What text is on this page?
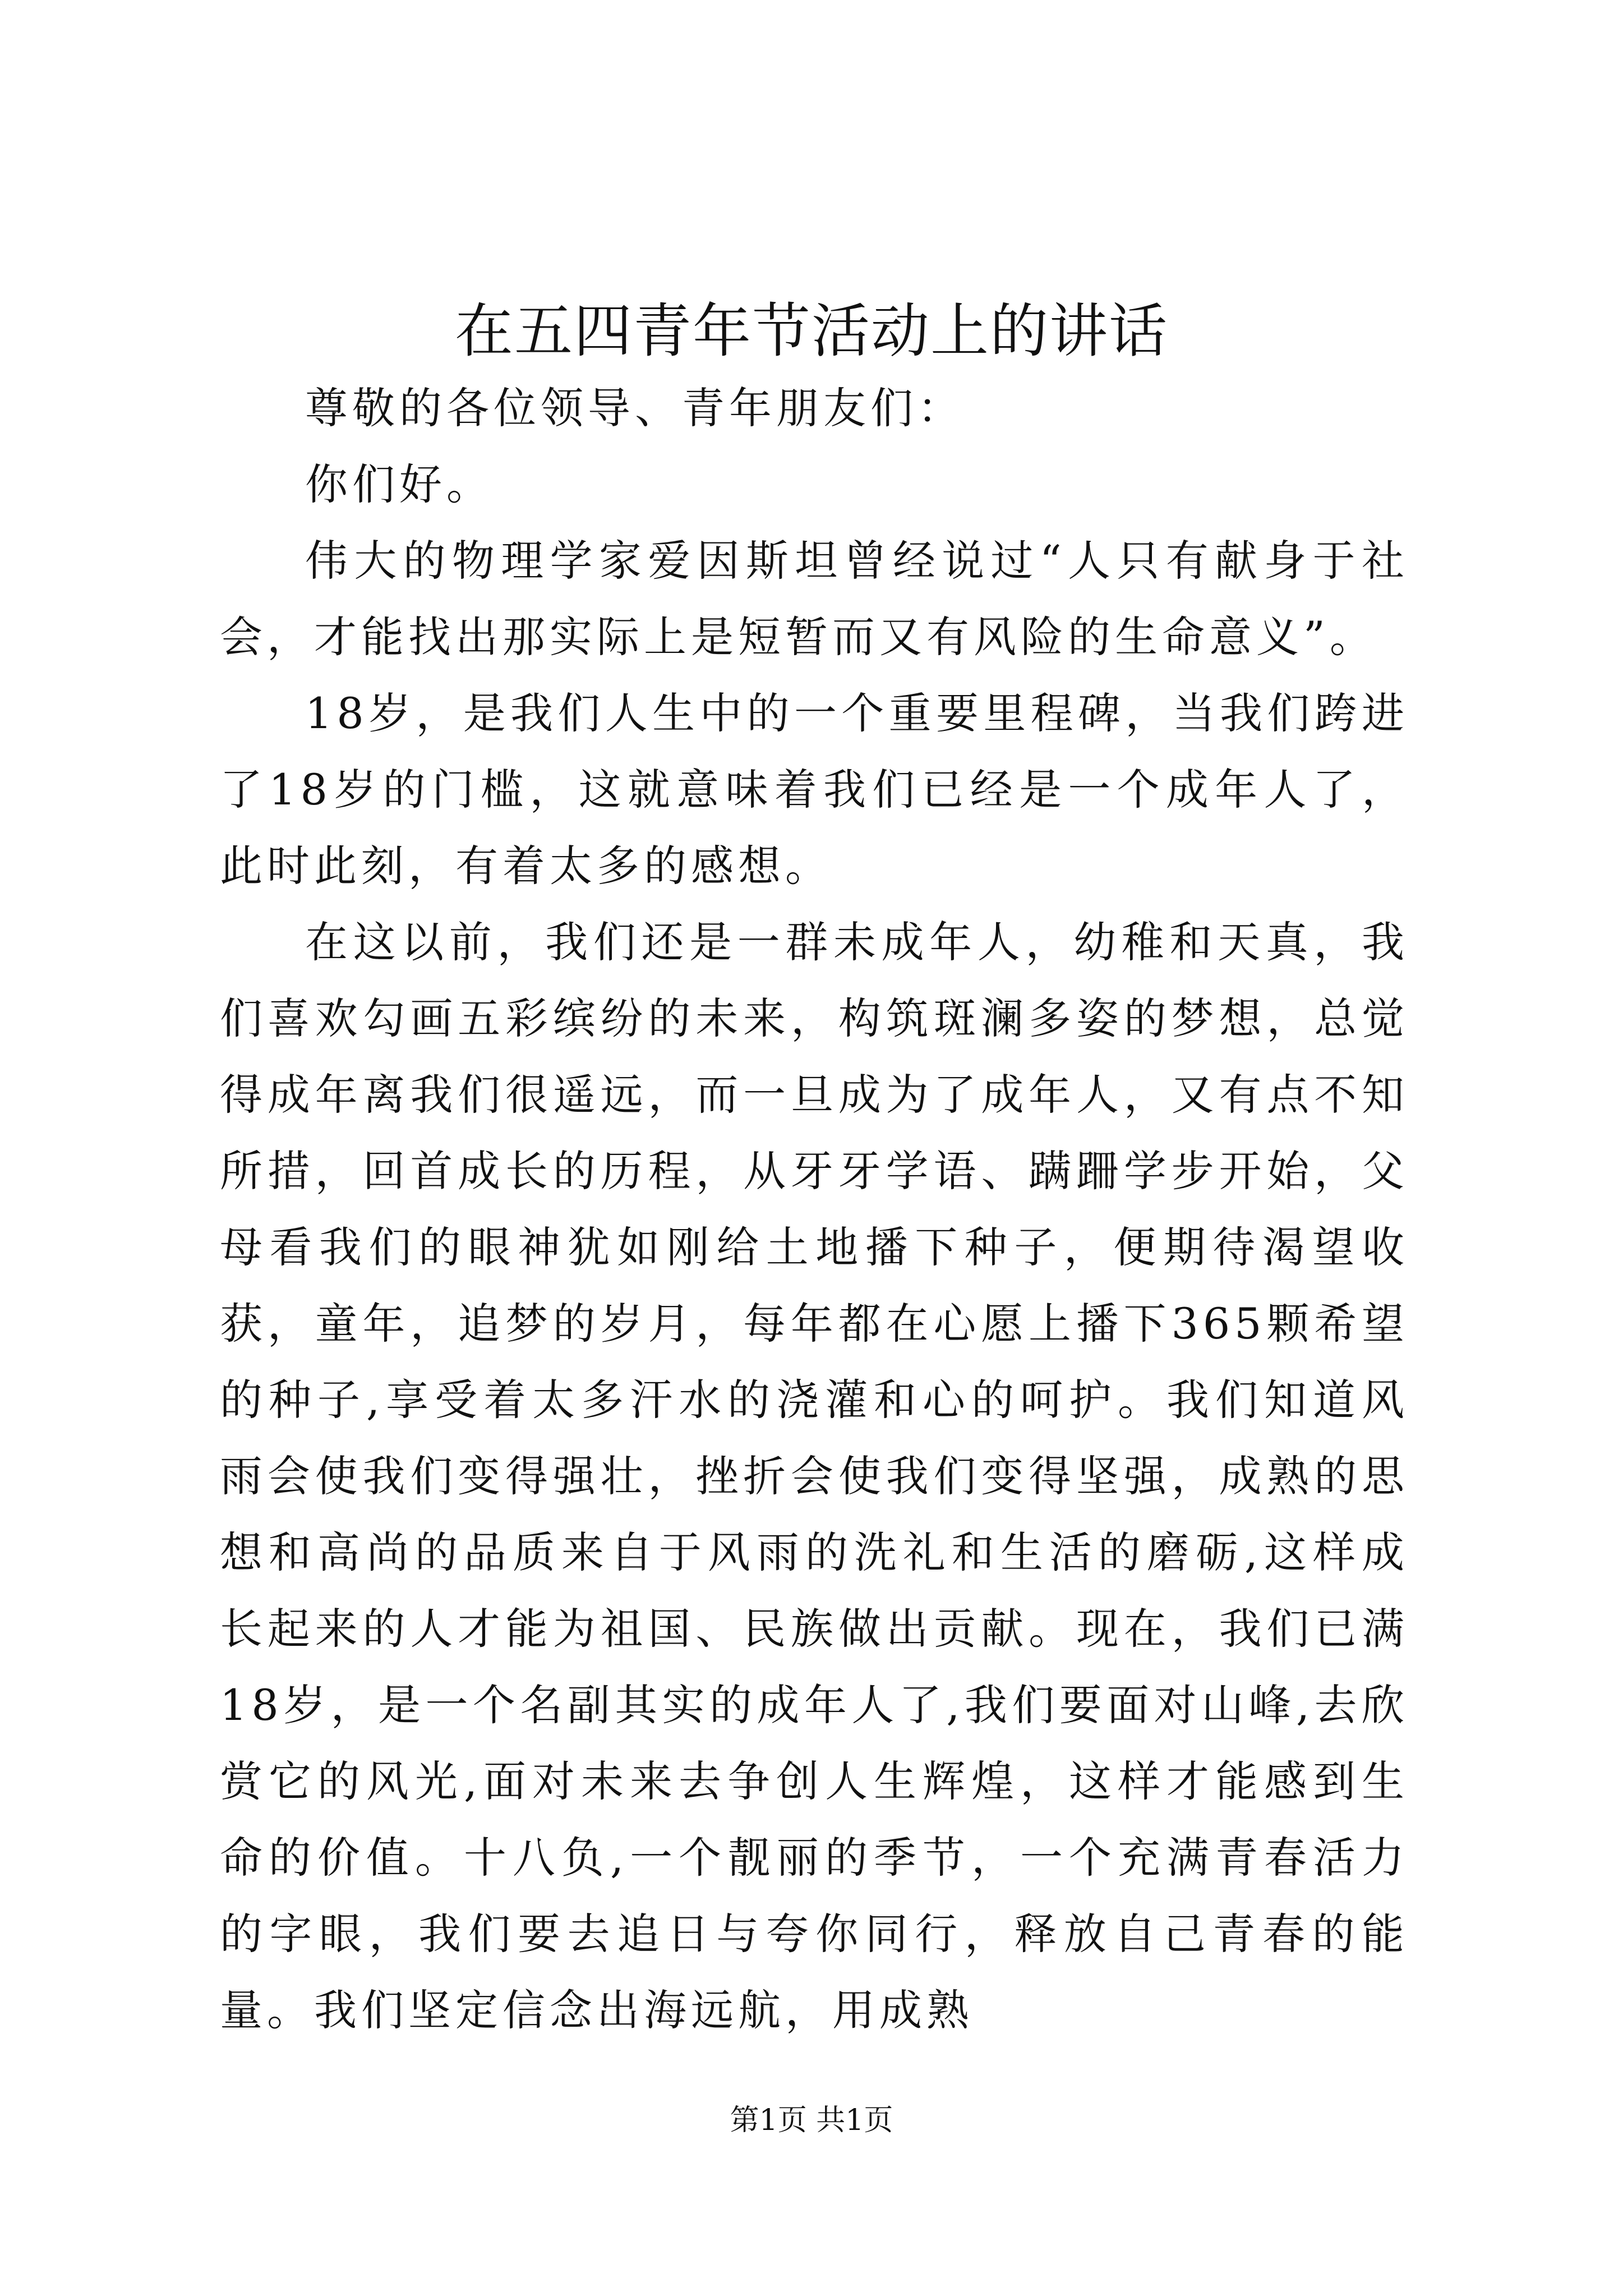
在五四青年节活动上的讲话

尊敬的各位领导、青年朋友们：

你们好。

伟大的物理学家爱因斯坦曾经说过“人只有献身于社会，才能找出那实际上是短暂而又有风险的生命意义”。

18岁，是我们人生中的一个重要里程碑，当我们跨进了18岁的门槛，这就意味着我们已经是一个成年人了，此时此刻，有着太多的感想。

在这以前，我们还是一群未成年人，幼稚和天真，我们喜欢勾画五彩缤纷的未来，构筑斑澜多姿的梦想，总觉得成年离我们很遥远，而一旦成为了成年人，又有点不知所措，回首成长的历程，从牙牙学语、蹒跚学步开始，父母看我们的眼神犹如刚给土地播下种子，便期待渴望收获，童年，追梦的岁月，每年都在心愿上播下365颗希望的种子,享受着太多汗水的浇灌和心的呵护。我们知道风雨会使我们变得强壮，挫折会使我们变得坚强，成熟的思想和高尚的品质来自于风雨的洗礼和生活的磨砺,这样成长起来的人才能为祖国、民族做出贡献。现在，我们已满18岁，是一个名副其实的成年人了,我们要面对山峰,去欣赏它的风光,面对未来去争创人生辉煌，这样才能感到生命的价值。十八负,一个靓丽的季节，一个充满青春活力的字眼，我们要去追日与夸你同行，释放自己青春的能量。我们坚定信念出海远航，用成熟

第1页 共1页
